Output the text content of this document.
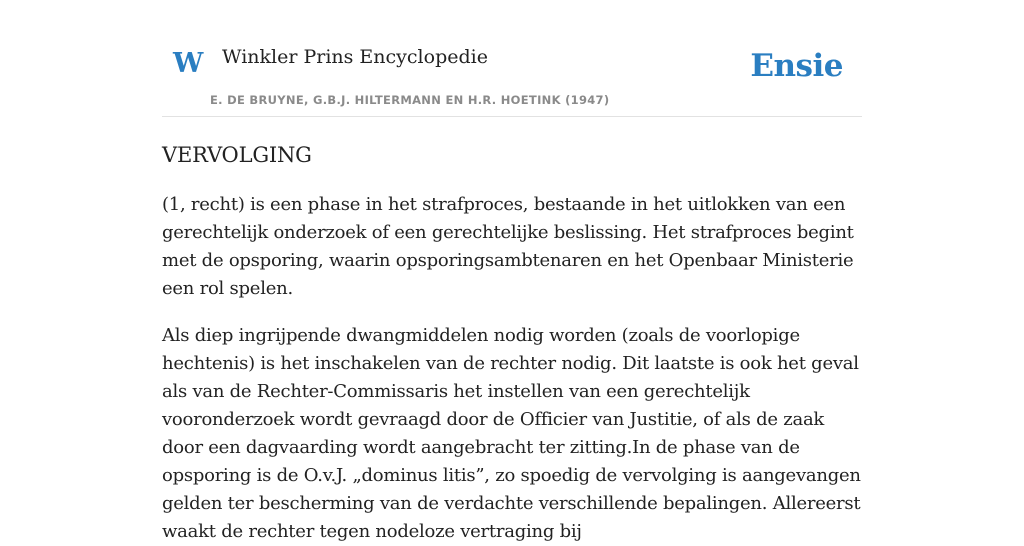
W Winkler Prins Encyclopedie
E. DE BRUYNE, G.B.J. HILTERMANN EN H.R. HOETINK (1947)
Ensie
VERVOLGING

(1, recht) is een phase in het strafproces, bestaande in het uitlokken van een gerechtelijk onderzoek of een gerechtelijke beslissing. Het strafproces begint met de opsporing, waarin opsporingsambtenaren en het Openbaar Ministerie een rol spelen.

Als diep ingrijpende dwangmiddelen nodig worden (zoals de voorlopige hechtenis) is het inschakelen van de rechter nodig. Dit laatste is ook het geval als van de Rechter-Commissaris het instellen van een gerechtelijk vooronderzoek wordt gevraagd door de Officier van Justitie, of als de zaak door een dagvaarding wordt aangebracht ter zitting.In de phase van de opsporing is de O.v.J. „dominus litis”, zo spoedig de vervolging is aangevangen gelden ter bescherming van de verdachte verschillende bepalingen. Allereerst waakt de rechter tegen nodeloze vertraging bij
